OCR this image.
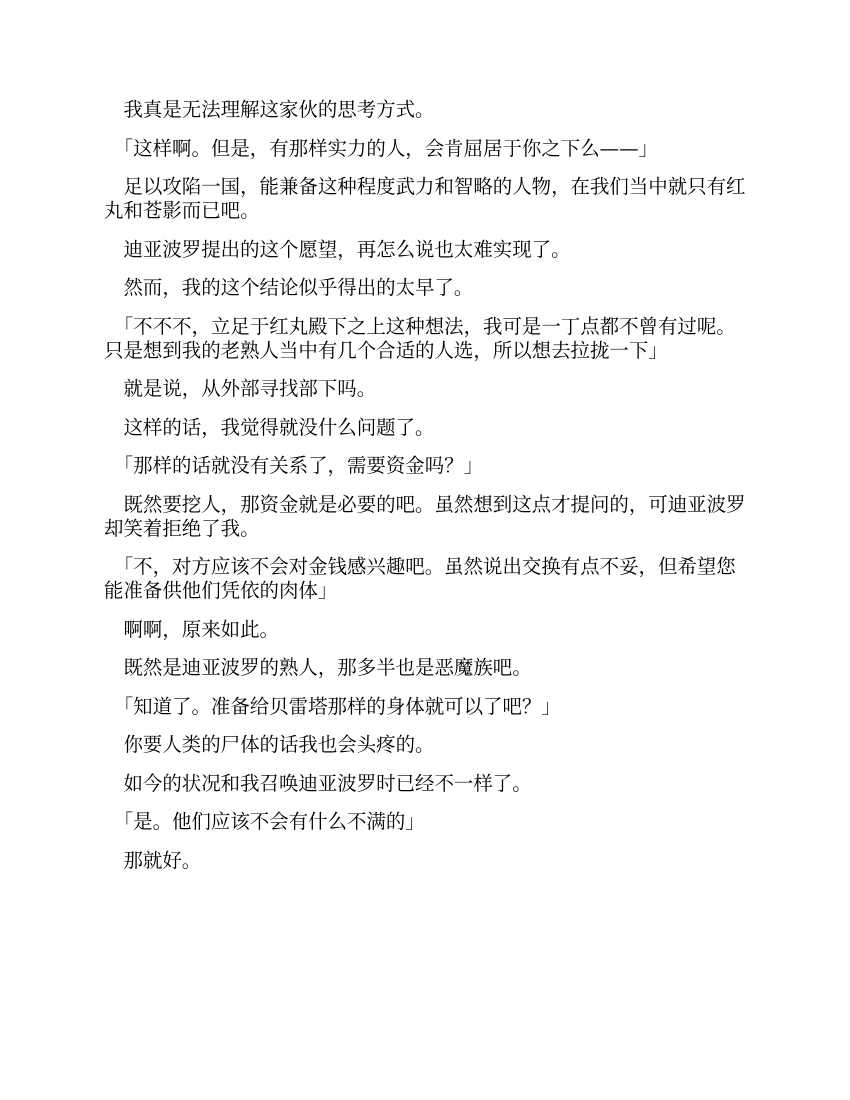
我真是无法理解这家伙的思考方式。

「这样啊。但是，有那样实力的人，会肯屈居于你之下么——」

足以攻陷一国，能兼备这种程度武力和智略的人物，在我们当中就只有红丸和苍影而已吧。

迪亚波罗提出的这个愿望，再怎么说也太难实现了。

然而，我的这个结论似乎得出的太早了。

「不不不，立足于红丸殿下之上这种想法，我可是一丁点都不曾有过呢。只是想到我的老熟人当中有几个合适的人选，所以想去拉拢一下」

就是说，从外部寻找部下吗。

这样的话，我觉得就没什么问题了。

「那样的话就没有关系了，需要资金吗？」

既然要挖人，那资金就是必要的吧。虽然想到这点才提问的，可迪亚波罗却笑着拒绝了我。

「不，对方应该不会对金钱感兴趣吧。虽然说出交换有点不妥，但希望您能准备供他们凭依的肉体」

啊啊，原来如此。

既然是迪亚波罗的熟人，那多半也是恶魔族吧。

「知道了。准备给贝雷塔那样的身体就可以了吧？」

你要人类的尸体的话我也会头疼的。

如今的状况和我召唤迪亚波罗时已经不一样了。

「是。他们应该不会有什么不满的」

那就好。
